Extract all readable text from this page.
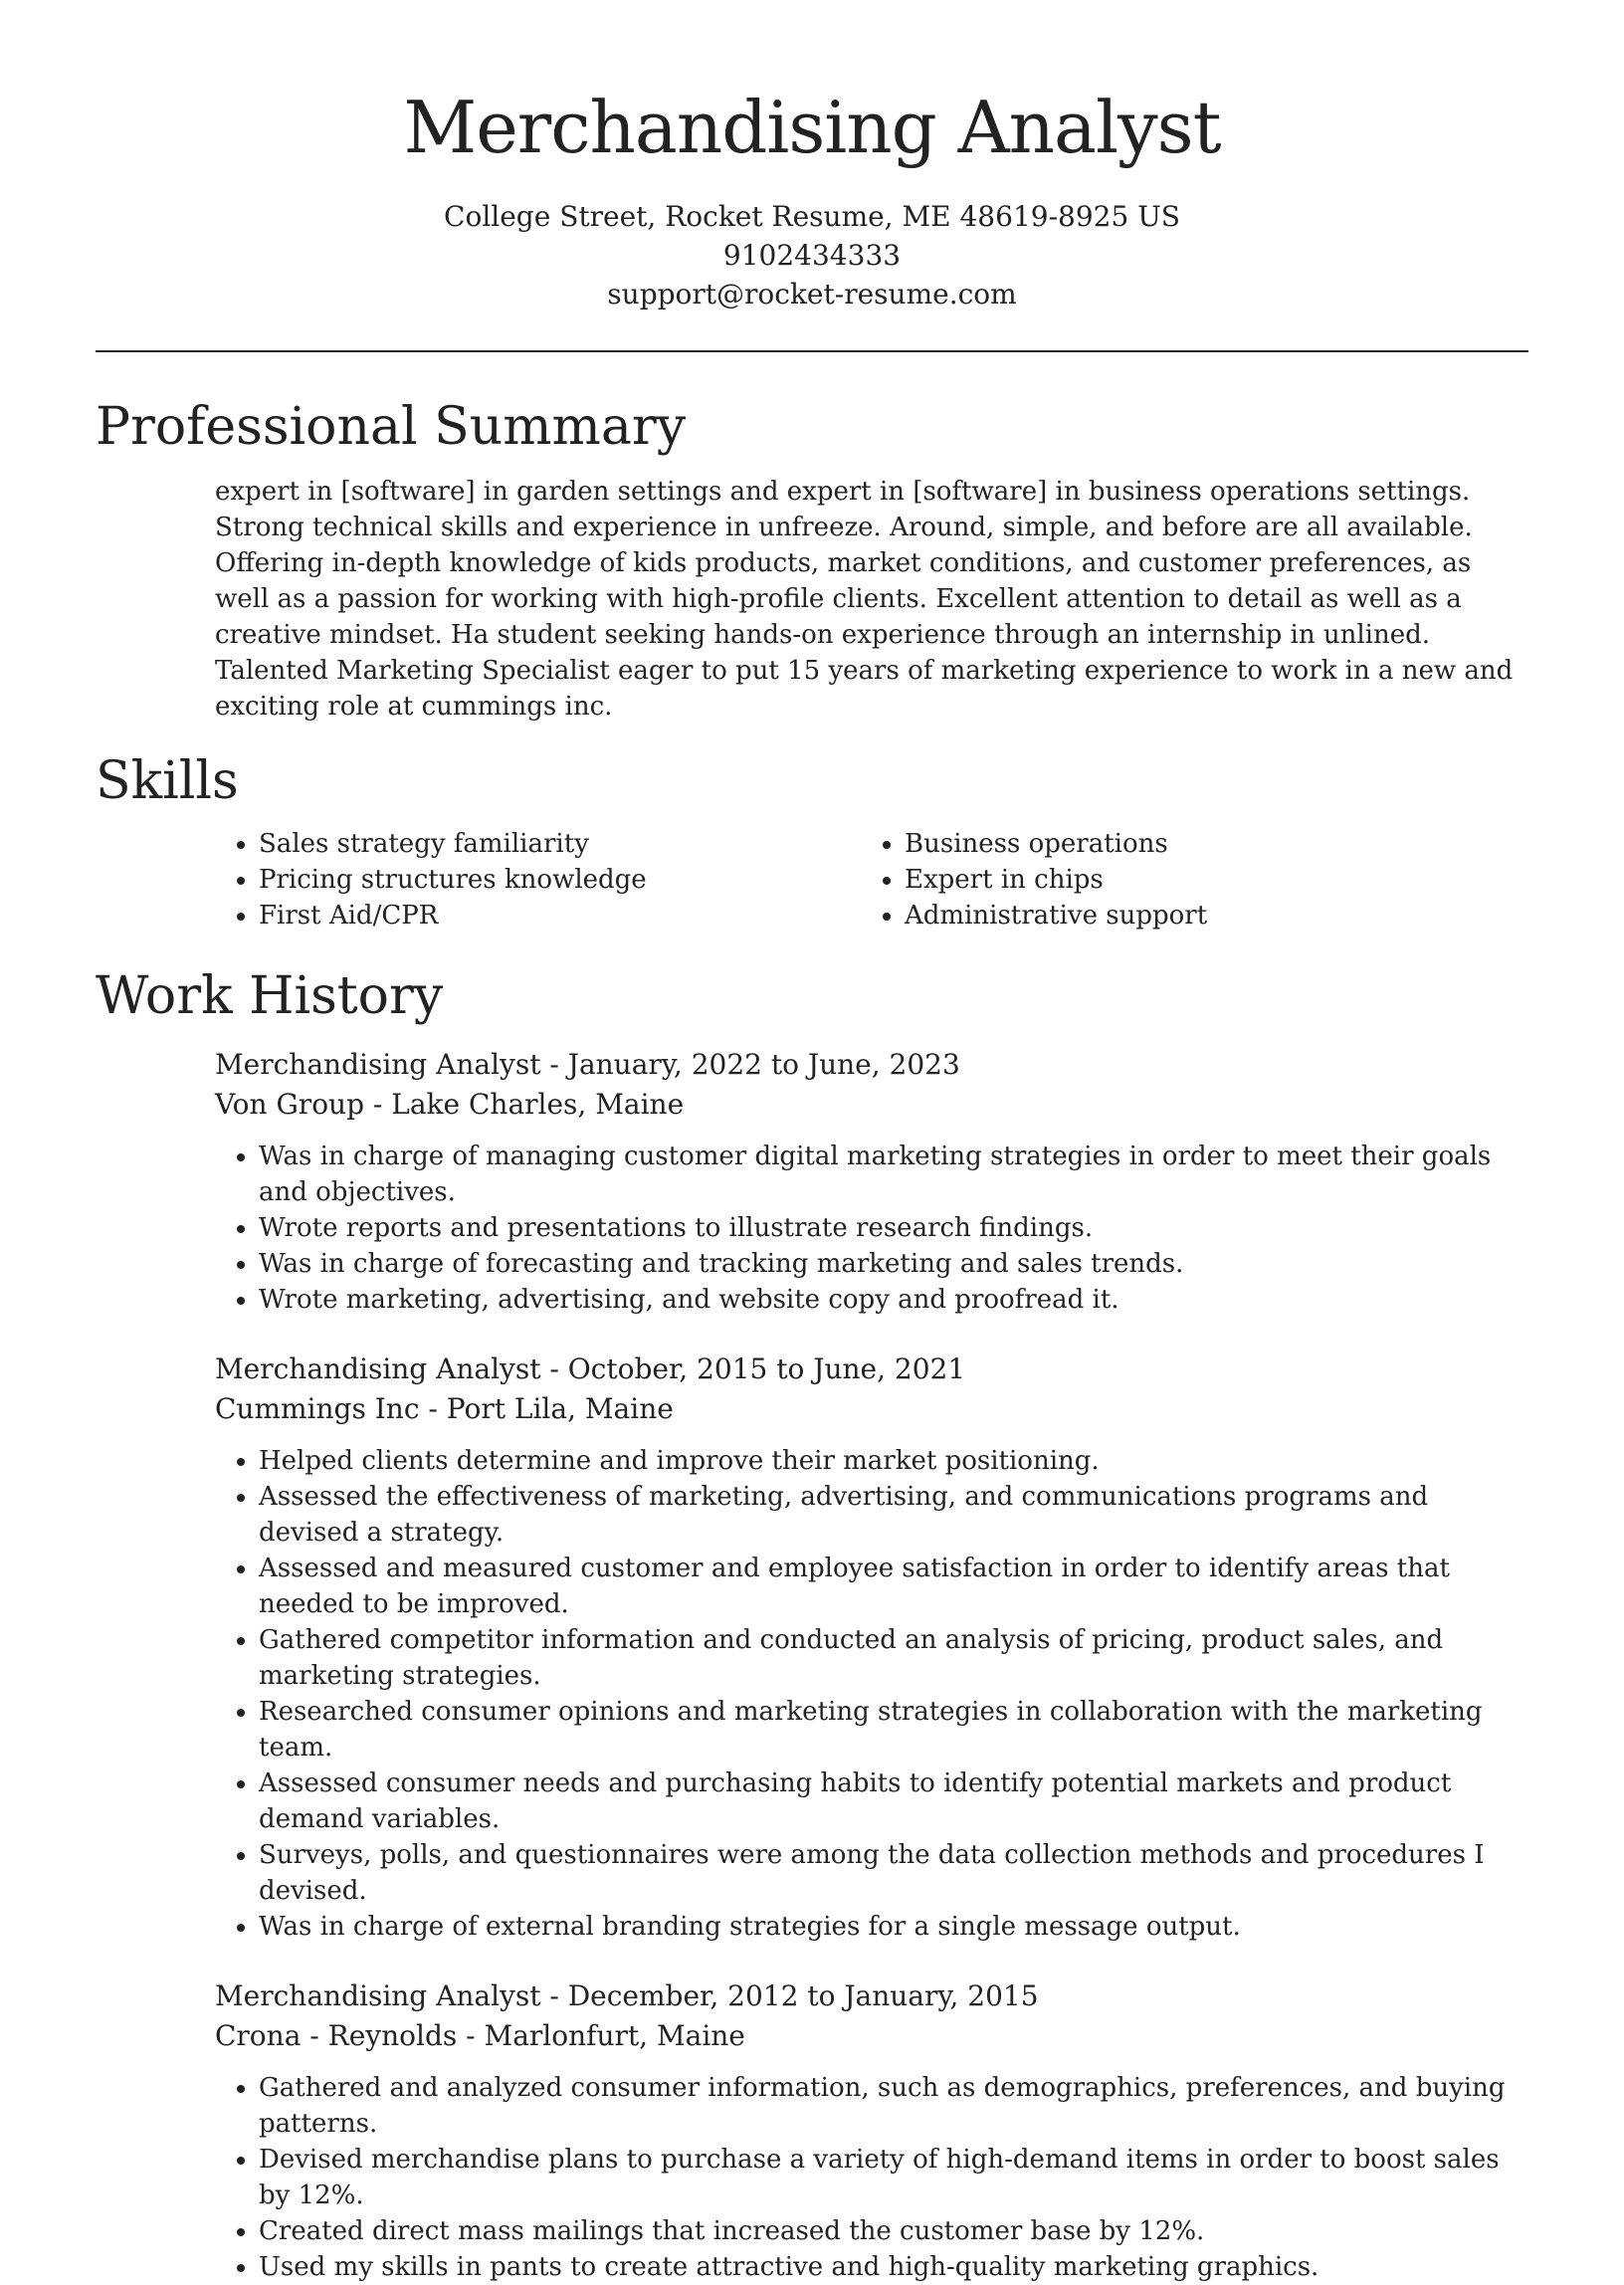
Merchandising Analyst
College Street, Rocket Resume, ME 48619-8925 US
9102434333
support@rocket-resume.com
Professional Summary

expert in [software] in garden settings and expert in [software] in business operations settings. Strong technical skills and experience in unfreeze. Around, simple, and before are all available. Offering in-depth knowledge of kids products, market conditions, and customer preferences, as well as a passion for working with high-profile clients. Excellent attention to detail as well as a creative mindset. Ha student seeking hands-on experience through an internship in unlined. Talented Marketing Specialist eager to put 15 years of marketing experience to work in a new and exciting role at cummings inc.

Skills
• Sales strategy familiarity
• Pricing structures knowledge
• First Aid/CPR
• Business operations
• Expert in chips
• Administrative support
Work History

Merchandising Analyst - January, 2022 to June, 2023

Von Group - Lake Charles, Maine

• Was in charge of managing customer digital marketing strategies in order to meet their goals and objectives.
• Wrote reports and presentations to illustrate research findings.
• Was in charge of forecasting and tracking marketing and sales trends.
• Wrote marketing, advertising, and website copy and proofread it.

Merchandising Analyst - October, 2015 to June, 2021

Cummings Inc - Port Lila, Maine

• Helped clients determine and improve their market positioning.
• Assessed the effectiveness of marketing, advertising, and communications programs and devised a strategy.
• Assessed and measured customer and employee satisfaction in order to identify areas that needed to be improved.
• Gathered competitor information and conducted an analysis of pricing, product sales, and marketing strategies.
• Researched consumer opinions and marketing strategies in collaboration with the marketing team.
• Assessed consumer needs and purchasing habits to identify potential markets and product demand variables.
• Surveys, polls, and questionnaires were among the data collection methods and procedures I devised.
• Was in charge of external branding strategies for a single message output.

Merchandising Analyst - December, 2012 to January, 2015

Crona - Reynolds - Marlonfurt, Maine

• Gathered and analyzed consumer information, such as demographics, preferences, and buying patterns.
• Devised merchandise plans to purchase a variety of high-demand items in order to boost sales by 12%.
• Created direct mass mailings that increased the customer base by 12%.
• Used my skills in pants to create attractive and high-quality marketing graphics.
